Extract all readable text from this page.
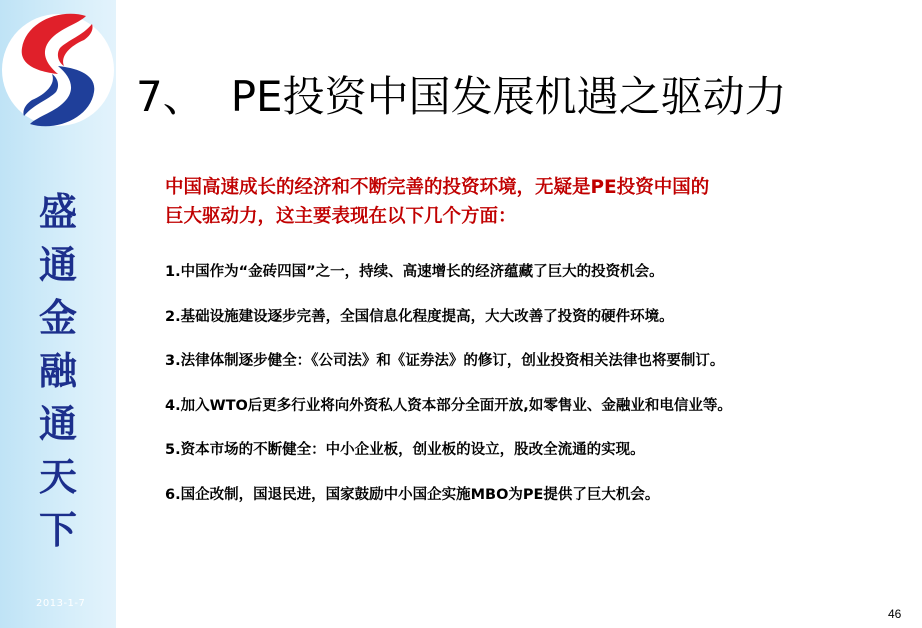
盛
通
金
融
通
天
下
2013-1-7
7、 PE投资中国发展机遇之驱动力
中国高速成长的经济和不断完善的投资环境，无疑是PE投资中国的
巨大驱动力，这主要表现在以下几个方面：
1.中国作为“金砖四国”之一，持续、高速增长的经济蕴藏了巨大的投资机会。
2.基础设施建设逐步完善，全国信息化程度提高，大大改善了投资的硬件环境。
3.法律体制逐步健全：《公司法》和《证券法》的修订，创业投资相关法律也将要制订。
4.加入WTO后更多行业将向外资私人资本部分全面开放,如零售业、金融业和电信业等。
5.资本市场的不断健全：中小企业板，创业板的设立，股改全流通的实现。
6.国企改制，国退民进，国家鼓励中小国企实施MBO为PE提供了巨大机会。
46
